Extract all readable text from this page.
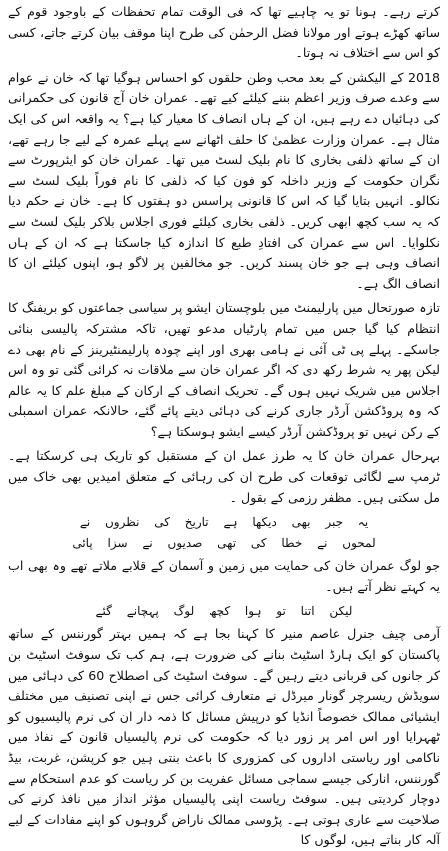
کرتے رہے۔ ہونا تو یہ چاہیے تھا کہ فی الوقت تمام تحفظات کے باوجود قوم کے ساتھ کھڑے ہوتے اور مولانا فضل الرحمٰن کی طرح اپنا موقف بیان کرتے جاتے، کسی کو اس سے اختلاف نہ ہوتا۔

2018 کے الیکشن کے بعد محب وطن حلقوں کو احساس ہوگیا تھا کہ خان نے عوام سے وعدے صرف وزیر اعظم بننے کیلئے کیے تھے۔ عمران خان آج قانون کی حکمرانی کی دہائیاں دے رہے ہیں، ان کے ہاں انصاف کا معیار کیا ہے؟ یہ واقعہ اس کی ایک مثال ہے۔ عمران وزارت عظمیٰ کا حلف اٹھانے سے پہلے عمرہ کے لیے جا رہے تھے، ان کے ساتھ ذلفی بخاری کا نام بلیک لسٹ میں تھا۔ عمران خان کو ایئرپورٹ سے نگران حکومت کے وزیر داخلہ کو فون کیا کہ ذلفی کا نام فوراً بلیک لسٹ سے نکالو۔ انہیں بتایا گیا کہ اس کا قانونی پراسس دو ہفتوں کا ہے۔ خان نے حکم دیا کہ یہ سب کچھ ابھی کریں۔ ذلفی بخاری کیلئے فوری اجلاس بلاکر بلیک لسٹ سے نکلوایا۔ اس سے عمران کی افتادِ طبع کا اندازہ کیا جاسکتا ہے کہ ان کے ہاں انصاف وہی ہے جو خان پسند کریں۔ جو مخالفین پر لاگو ہو، اپنوں کیلئے ان کا انصاف الگ ہے۔

تازہ صورتحال میں پارلیمنٹ میں بلوچستان ایشو پر سیاسی جماعتوں کو بریفنگ کا انتظام کیا گیا جس میں تمام پارٹیاں مدعو تھیں، تاکہ مشترکہ پالیسی بنائی جاسکے۔ پہلے پی ٹی آئی نے ہامی بھری اور اپنے چودہ پارلیمنٹیرینز کے نام بھی دے لیکن پھر یہ شرط رکھ دی کہ اگر عمران خان سے ملاقات نہ کرائی گئی تو وہ اس اجلاس میں شریک نہیں ہوں گے۔ تحریک انصاف کے ارکان کے مبلغ علم کا یہ عالم کہ وہ پروڈکشن آرڈر جاری کرنے کی دہائی دیتے پائے گئے، حالانکہ عمران اسمبلی کے رکن نہیں تو پروڈکشن آرڈر کیسے ایشو ہوسکتا ہے؟

بہرحال عمران خان کا یہ طرز عمل ان کے مستقبل کو تاریک ہی کرسکتا ہے۔ ٹرمپ سے لگائی توقعات کی طرح ان کی رہائی کے متعلق امیدیں بھی خاک میں مل سکتی ہیں۔ مظفر رزمی کے بقول ۔

یہ جبر بھی دیکھا ہے تاریخ کی نظروں نے
لمحوں نے خطا کی تھی صدیوں نے سزا پائی

جو لوگ عمران خان کی حمایت میں زمین و آسمان کے قلابے ملاتے تھے وہ بھی اب یہ کہتے نظر آتے ہیں۔

لیکن اتنا تو ہوا کچھ لوگ پہچانے گئے

آرمی چیف جنرل عاصم منیر کا کہنا بجا ہے کہ ہمیں بہتر گورننس کے ساتھ پاکستان کو ایک ہارڈ اسٹیٹ بنانے کی ضرورت ہے، ہم کب تک سوفٹ اسٹیٹ بن کر جانوں کی قربانی دیتے رہیں گے۔ سوفٹ اسٹیٹ کی اصطلاح 60 کی دہائی میں سویڈش ریسرچر گونار میرڈل نے متعارف کرائی جس نے اپنی تصنیف میں مختلف ایشیائی ممالک خصوصاً انڈیا کو درپیش مسائل کا ذمہ دار ان کی نرم پالیسیوں کو ٹھہرایا اور اس امر پر زور دیا کہ حکومت کی نرم پالیسیاں قانون کے نفاذ میں ناکامی اور ریاستی اداروں کی کمزوری کا باعث بنتی ہیں جو کرپشن، غربت، بیڈ گورننس، انارکی جیسے سماجی مسائل عفریت بن کر ریاست کو عدم استحکام سے دوچار کردیتی ہیں۔ سوفٹ ریاست اپنی پالیسیاں مؤثر انداز میں نافذ کرنے کی صلاحیت سے عاری ہوتی ہے۔ پڑوسی ممالک ناراض گروہوں کو اپنے مفادات کے لیے آلہ کار بناتے ہیں، لوگوں کا
